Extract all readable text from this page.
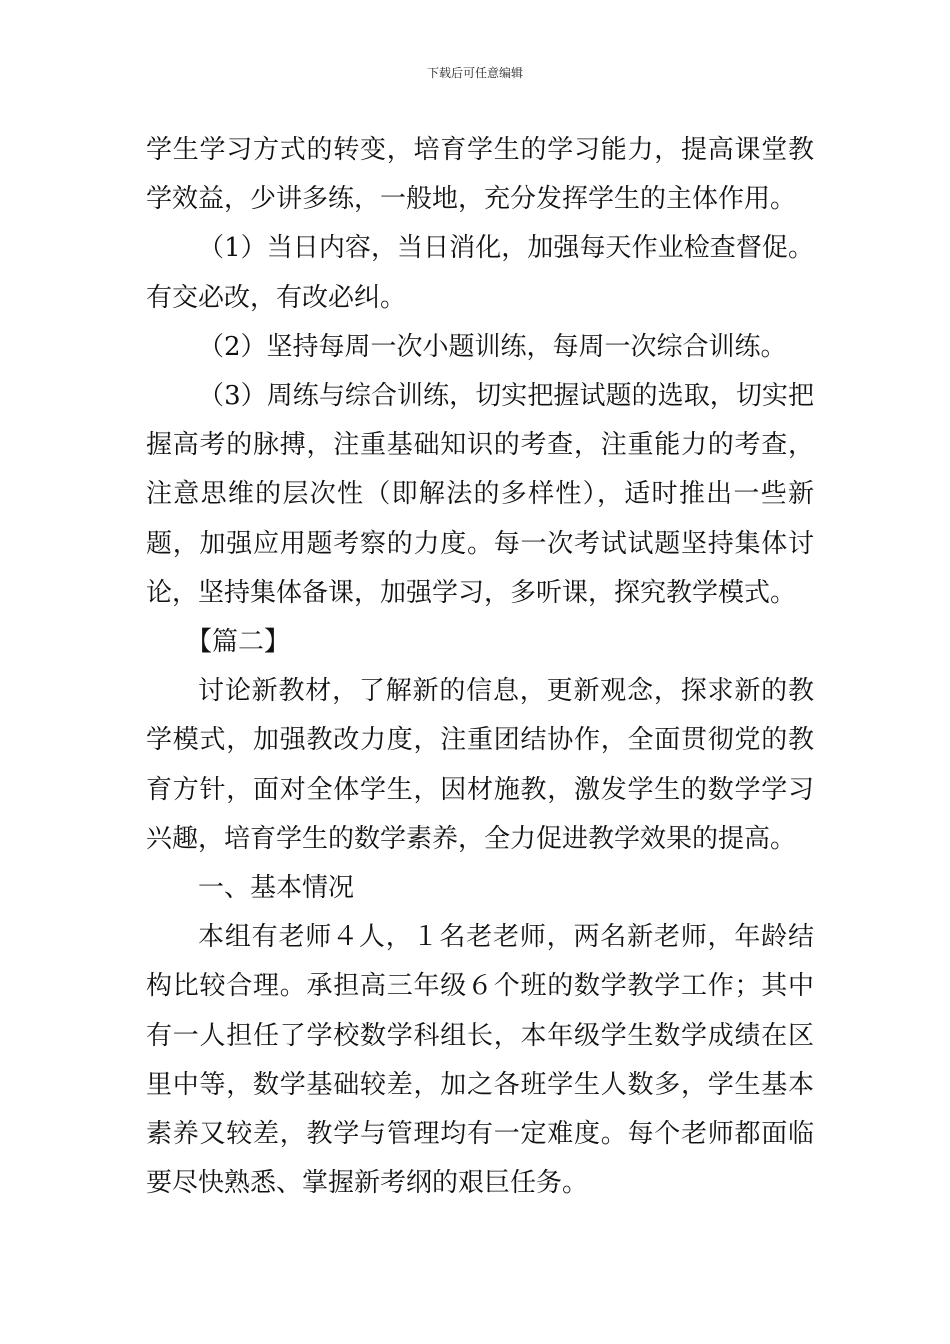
下载后可任意编辑

学生学习方式的转变，培育学生的学习能力，提高课堂教学效益，少讲多练，一般地，充分发挥学生的主体作用。

（1）当日内容，当日消化，加强每天作业检查督促。有交必改，有改必纠。

（2）坚持每周一次小题训练，每周一次综合训练。

（3）周练与综合训练，切实把握试题的选取，切实把握高考的脉搏，注重基础知识的考查，注重能力的考查，注意思维的层次性（即解法的多样性），适时推出一些新题，加强应用题考察的力度。每一次考试试题坚持集体讨论，坚持集体备课，加强学习，多听课，探究教学模式。

【篇二】

讨论新教材，了解新的信息，更新观念，探求新的教学模式，加强教改力度，注重团结协作，全面贯彻党的教育方针，面对全体学生，因材施教，激发学生的数学学习兴趣，培育学生的数学素养，全力促进教学效果的提高。

一、基本情况

本组有老师４人，１名老老师，两名新老师，年龄结构比较合理。承担高三年级６个班的数学教学工作；其中有一人担任了学校数学科组长，本年级学生数学成绩在区里中等，数学基础较差，加之各班学生人数多，学生基本素养又较差，教学与管理均有一定难度。每个老师都面临要尽快熟悉、掌握新考纲的艰巨任务。
